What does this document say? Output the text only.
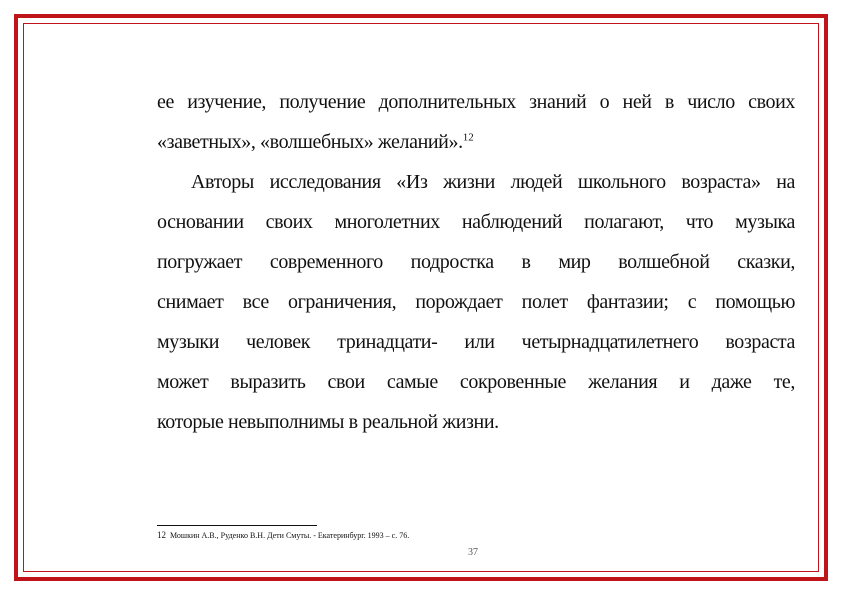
ее изучение, получение дополнительных знаний о ней в число своих
«заветных», «волшебных» желаний».$^{12}$
Авторы исследования «Из жизни людей школьного возраста» на
основании своих многолетних наблюдений полагают, что музыка
погружает современного подростка в мир волшебной сказки,
снимает все ограничения, порождает полет фантазии; с помощью
музыки человек тринадцати- или четырнадцатилетнего возраста
может выразить свои самые сокровенные желания и даже те,
которые невыполнимы в реальной жизни.
12 Мошкин А.В., Руденко В.Н. Дети Смуты. - Екатеринбург. 1993 – с. 76.
37
